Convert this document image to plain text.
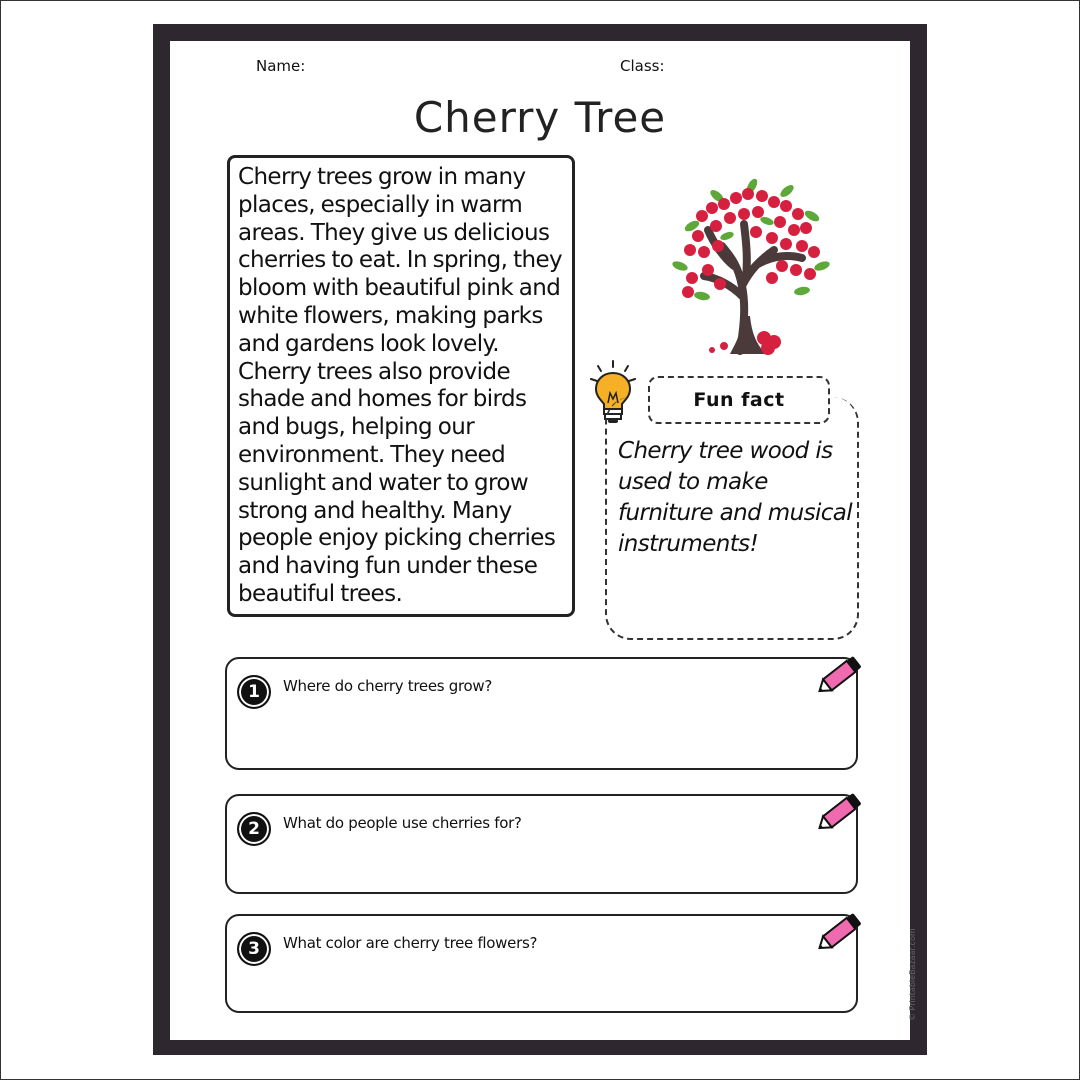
Name:	Class:
Cherry Tree
Cherry trees grow in many places, especially in warm areas. They give us delicious cherries to eat. In spring, they bloom with beautiful pink and white flowers, making parks and gardens look lovely. Cherry trees also provide shade and homes for birds and bugs, helping our environment. They need sunlight and water to grow strong and healthy. Many people enjoy picking cherries and having fun under these beautiful trees.
Fun fact
Cherry tree wood is used to make furniture and musical instruments!
1	Where do cherry trees grow?
2	What do people use cherries for?
3	What color are cherry tree flowers?	© PrintableBazaar.com
